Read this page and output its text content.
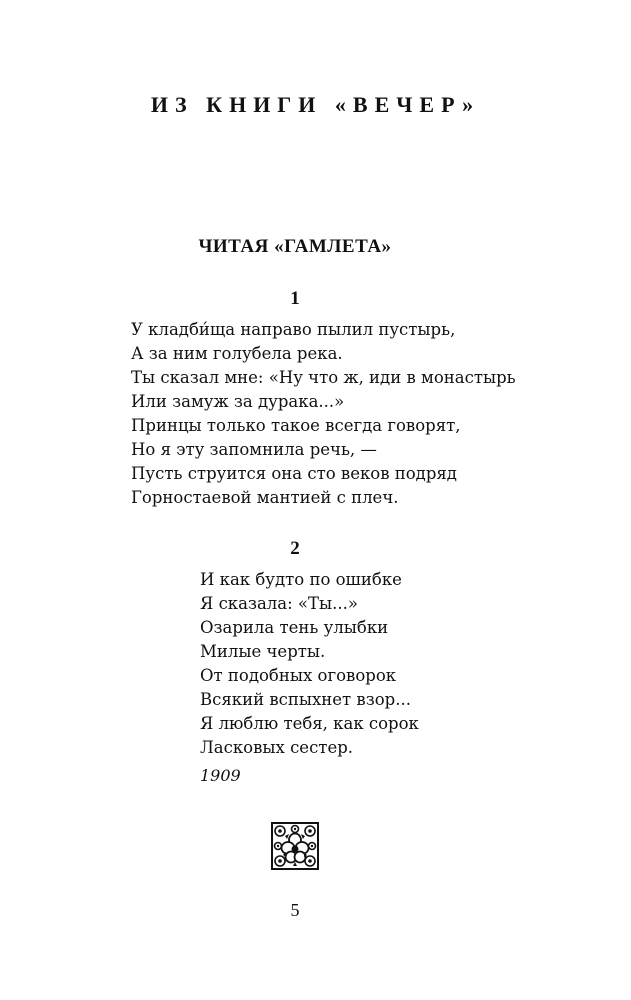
ИЗ КНИГИ «ВЕЧЕР»
ЧИТАЯ «ГАМЛЕТА»
1
У кладби́ща направо пылил пустырь,
А за ним голубела река.
Ты сказал мне: «Ну что ж, иди в монастырь
Или замуж за дурака...»
Принцы только такое всегда говорят,
Но я эту запомнила речь, —
Пусть струится она сто веков подряд
Горностаевой мантией с плеч.
2
И как будто по ошибке
Я сказала: «Ты...»
Озарила тень улыбки
Милые черты.
От подобных оговорок
Всякий вспыхнет взор...
Я люблю тебя, как сорок
Ласковых сестер.
1909
5
